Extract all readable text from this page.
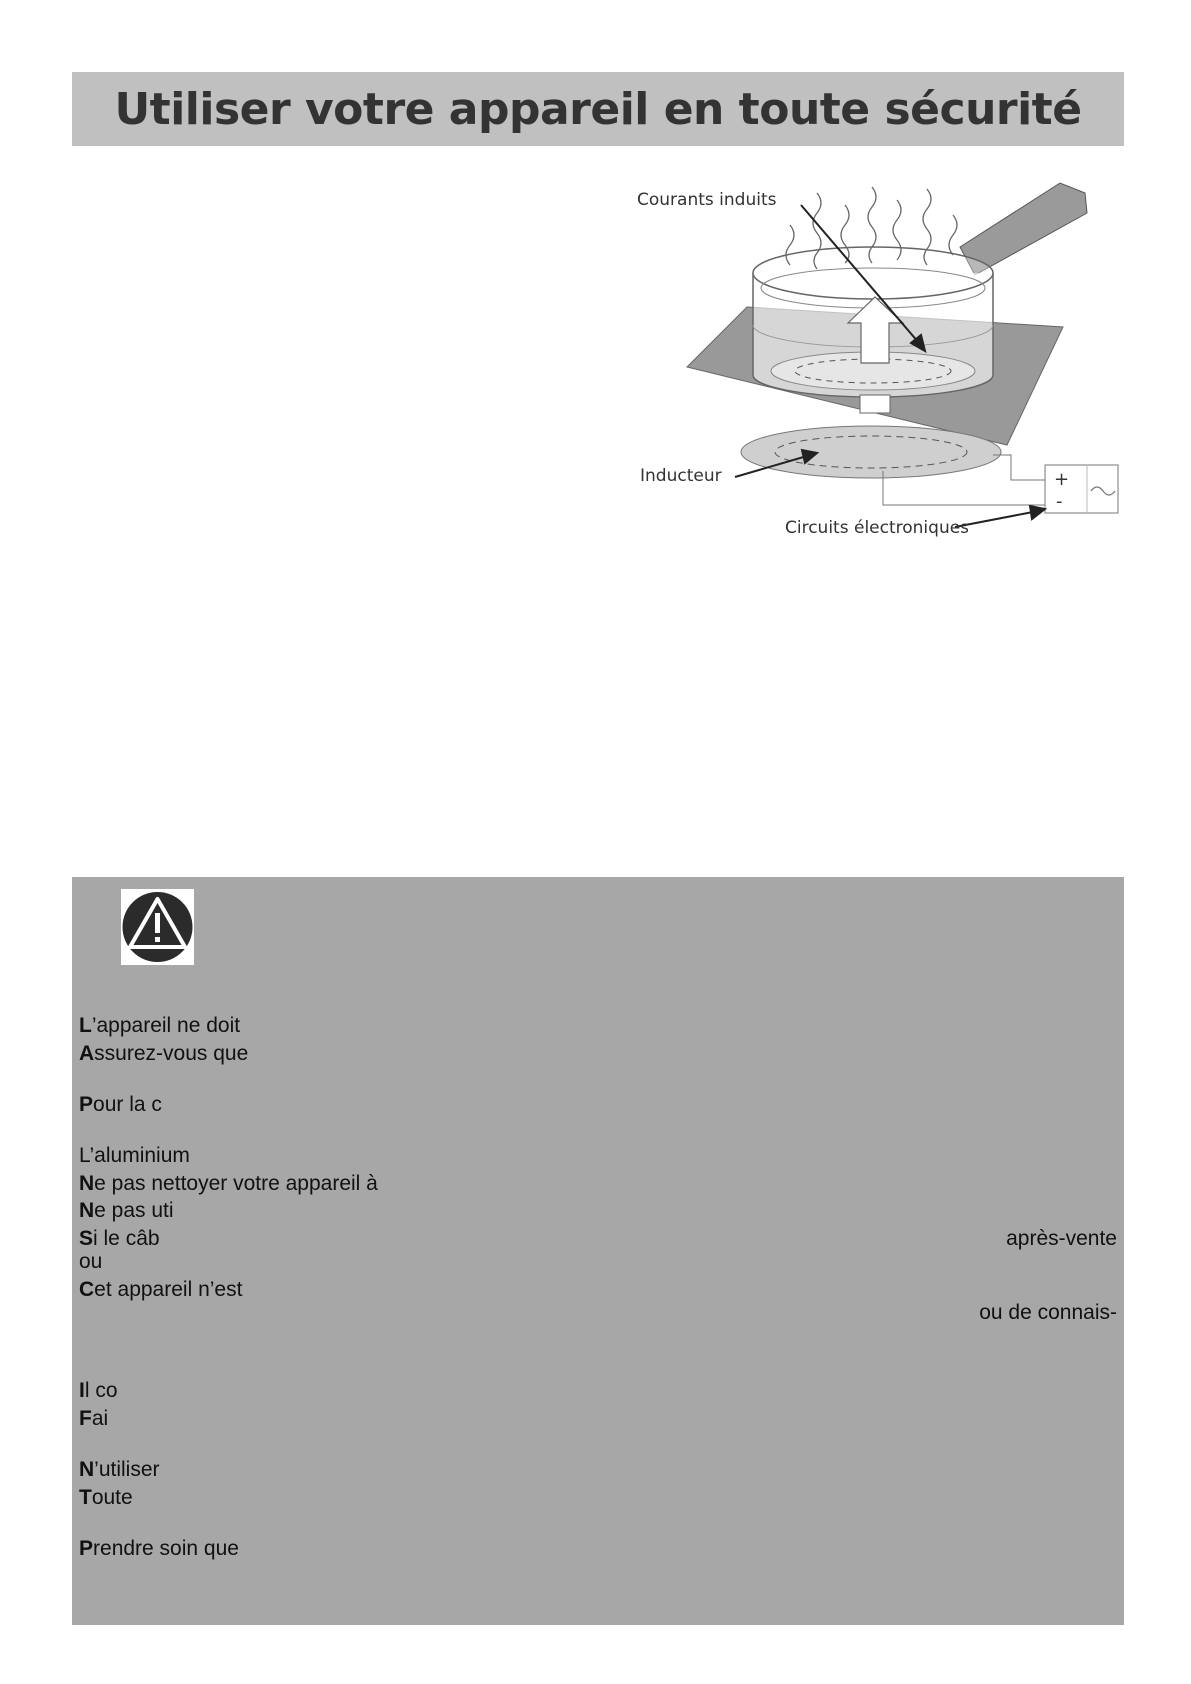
Utiliser votre appareil en toute sécurité
Courants induits
Inducteur
Circuits électroniques
+
-
L’appareil ne doit
Assurez-vous que
Pour la c
L’aluminium
Ne pas nettoyer votre appareil à
Ne pas uti
Si le câb
ou
Cet appareil n’est
Il co
Fai
N’utiliser
Toute
Prendre soin que
après-vente
ou de connais-
